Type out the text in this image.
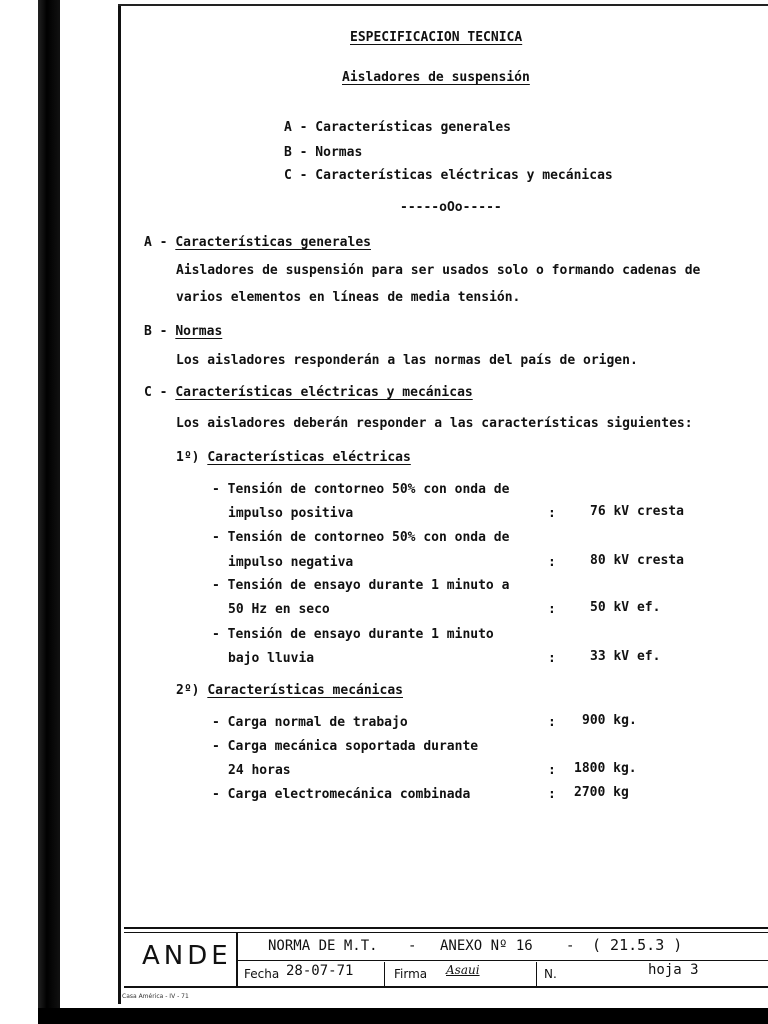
ESPECIFICACION TECNICA
Aisladores de suspensión
A - Características generales
B - Normas
C - Características eléctricas y mecánicas
-----oOo-----
A - Características generales
Aisladores de suspensión para ser usados solo o formando cadenas de
varios elementos en líneas de media tensión.
B - Normas
Los aisladores responderán a las normas del país de origen.
C - Características eléctricas y mecánicas
Los aisladores deberán responder a las características siguientes:
1º) Características eléctricas
- Tensión de contorneo 50% con onda de
impulso positiva	:	76 kV cresta
- Tensión de contorneo 50% con onda de
impulso negativa	:	80 kV cresta
- Tensión de ensayo durante 1 minuto a
50 Hz en seco	:	50 kV ef.
- Tensión de ensayo durante 1 minuto
bajo lluvia	:	33 kV ef.
2º) Características mecánicas
- Carga normal de trabajo	: 900 kg.
- Carga mecánica soportada durante
24 horas	: 1800 kg.
- Carga electromecánica combinada	: 2700 kg
ANDE	NORMA DE M.T. - ANEXO Nº 16 - ( 21.5.3 )
Fecha 28-07-71	Firma Asaui	N.	hoja 3
Casa América - IV - 71
